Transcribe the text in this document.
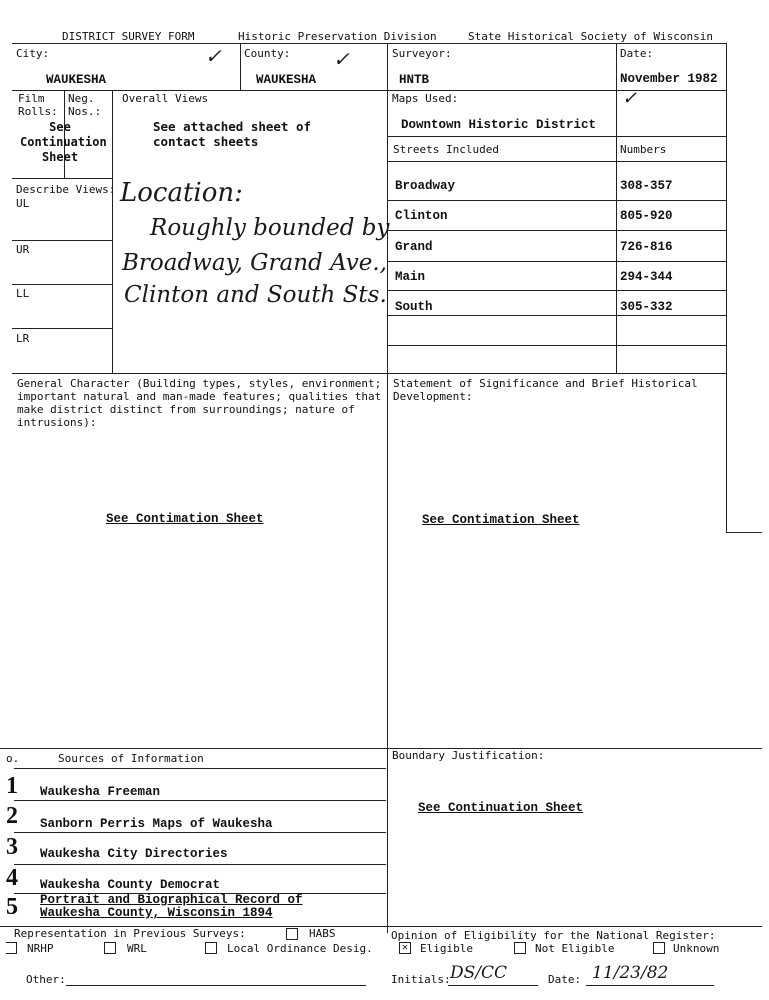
DISTRICT SURVEY FORM	Historic Preservation Division	State Historical Society of Wisconsin
City:	✓
WAUKESHA
County: ✓
WAUKESHA
Surveyor:
HNTB
Date:
November 1982
Film
Rolls:
Neg.
Nos.:
See
Continuation
Sheet
Overall Views
See attached sheet of
contact sheets
Maps Used:	✓
Downtown Historic District
Streets Included	Numbers
Describe Views:
UL
UR
LL
LR
Location:
Roughly bounded by
Broadway, Grand Ave.,
Clinton and South Sts.
Broadway	308-357
Clinton	805-920
Grand	726-816
Main	294-344
South	305-332
General Character (Building types, styles, environment;
important natural and man-made features; qualities that
make district distinct from surroundings; nature of
intrusions):
See Contimation Sheet
Statement of Significance and Brief Historical
Development:
See Contimation Sheet
o.	Sources of Information
1 Waukesha Freeman
2 Sanborn Perris Maps of Waukesha
3 Waukesha City Directories
4 Waukesha County Democrat
5 Portrait and Biographical Record of
Waukesha County, Wisconsin 1894
Boundary Justification:
See Continuation Sheet
Representation in Previous Surveys:	HABS
NRHP	WRL	Local Ordinance Desig.
Other:
Opinion of Eligibility for the National Register:
✕ Eligible	Not Eligible	Unknown
Initials: DS/CC	Date: 11/23/82
